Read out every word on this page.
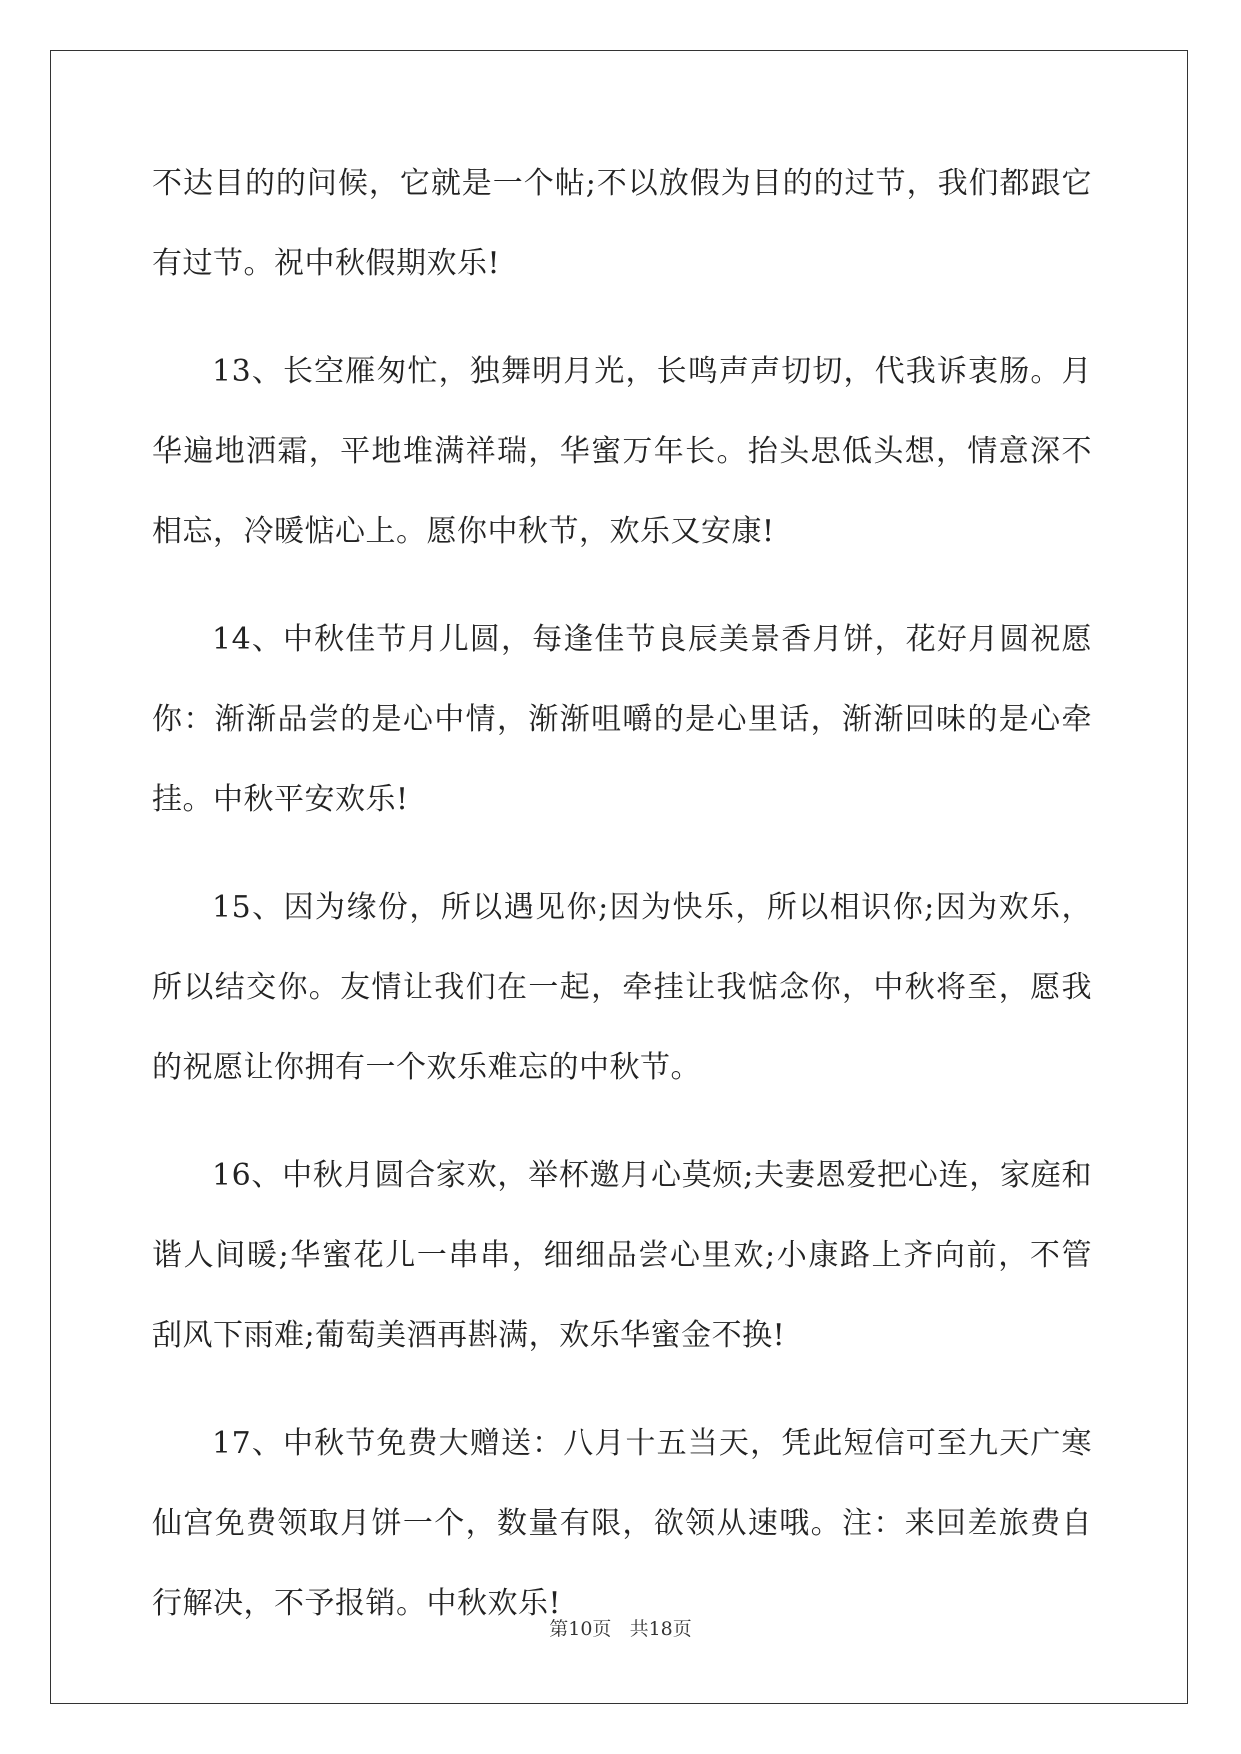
不达目的的问候，它就是一个帖;不以放假为目的的过节，我们都跟它
有过节。祝中秋假期欢乐!
13、长空雁匆忙，独舞明月光，长鸣声声切切，代我诉衷肠。月
华遍地洒霜，平地堆满祥瑞，华蜜万年长。抬头思低头想，情意深不
相忘，冷暖惦心上。愿你中秋节，欢乐又安康!
14、中秋佳节月儿圆，每逢佳节良辰美景香月饼，花好月圆祝愿
你：渐渐品尝的是心中情，渐渐咀嚼的是心里话，渐渐回味的是心牵
挂。中秋平安欢乐!
15、因为缘份，所以遇见你;因为快乐，所以相识你;因为欢乐，
所以结交你。友情让我们在一起，牵挂让我惦念你，中秋将至，愿我
的祝愿让你拥有一个欢乐难忘的中秋节。
16、中秋月圆合家欢，举杯邀月心莫烦;夫妻恩爱把心连，家庭和
谐人间暖;华蜜花儿一串串，细细品尝心里欢;小康路上齐向前，不管
刮风下雨难;葡萄美酒再斟满，欢乐华蜜金不换!
17、中秋节免费大赠送：八月十五当天，凭此短信可至九天广寒
仙宫免费领取月饼一个，数量有限，欲领从速哦。注：来回差旅费自
行解决，不予报销。中秋欢乐!
第10页 共18页
